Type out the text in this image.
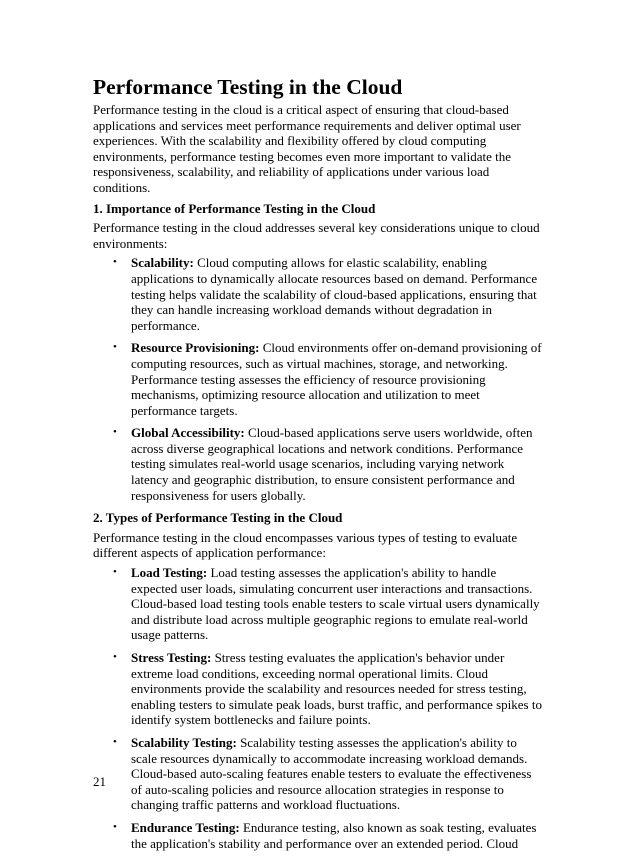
Performance Testing in the Cloud

Performance testing in the cloud is a critical aspect of ensuring that cloud-based applications and services meet performance requirements and deliver optimal user experiences. With the scalability and flexibility offered by cloud computing environments, performance testing becomes even more important to validate the responsiveness, scalability, and reliability of applications under various load conditions.

1. Importance of Performance Testing in the Cloud

Performance testing in the cloud addresses several key considerations unique to cloud environments:

• Scalability: Cloud computing allows for elastic scalability, enabling applications to dynamically allocate resources based on demand. Performance testing helps validate the scalability of cloud-based applications, ensuring that they can handle increasing workload demands without degradation in performance.
• Resource Provisioning: Cloud environments offer on-demand provisioning of computing resources, such as virtual machines, storage, and networking. Performance testing assesses the efficiency of resource provisioning mechanisms, optimizing resource allocation and utilization to meet performance targets.
• Global Accessibility: Cloud-based applications serve users worldwide, often across diverse geographical locations and network conditions. Performance testing simulates real-world usage scenarios, including varying network latency and geographic distribution, to ensure consistent performance and responsiveness for users globally.
2. Types of Performance Testing in the Cloud

Performance testing in the cloud encompasses various types of testing to evaluate different aspects of application performance:

• Load Testing: Load testing assesses the application's ability to handle expected user loads, simulating concurrent user interactions and transactions. Cloud-based load testing tools enable testers to scale virtual users dynamically and distribute load across multiple geographic regions to emulate real-world usage patterns.
• Stress Testing: Stress testing evaluates the application's behavior under extreme load conditions, exceeding normal operational limits. Cloud environments provide the scalability and resources needed for stress testing, enabling testers to simulate peak loads, burst traffic, and performance spikes to identify system bottlenecks and failure points.
• Scalability Testing: Scalability testing assesses the application's ability to scale resources dynamically to accommodate increasing workload demands. Cloud-based auto-scaling features enable testers to evaluate the effectiveness of auto-scaling policies and resource allocation strategies in response to changing traffic patterns and workload fluctuations.
• Endurance Testing: Endurance testing, also known as soak testing, evaluates the application's stability and performance over an extended period. Cloud
21
